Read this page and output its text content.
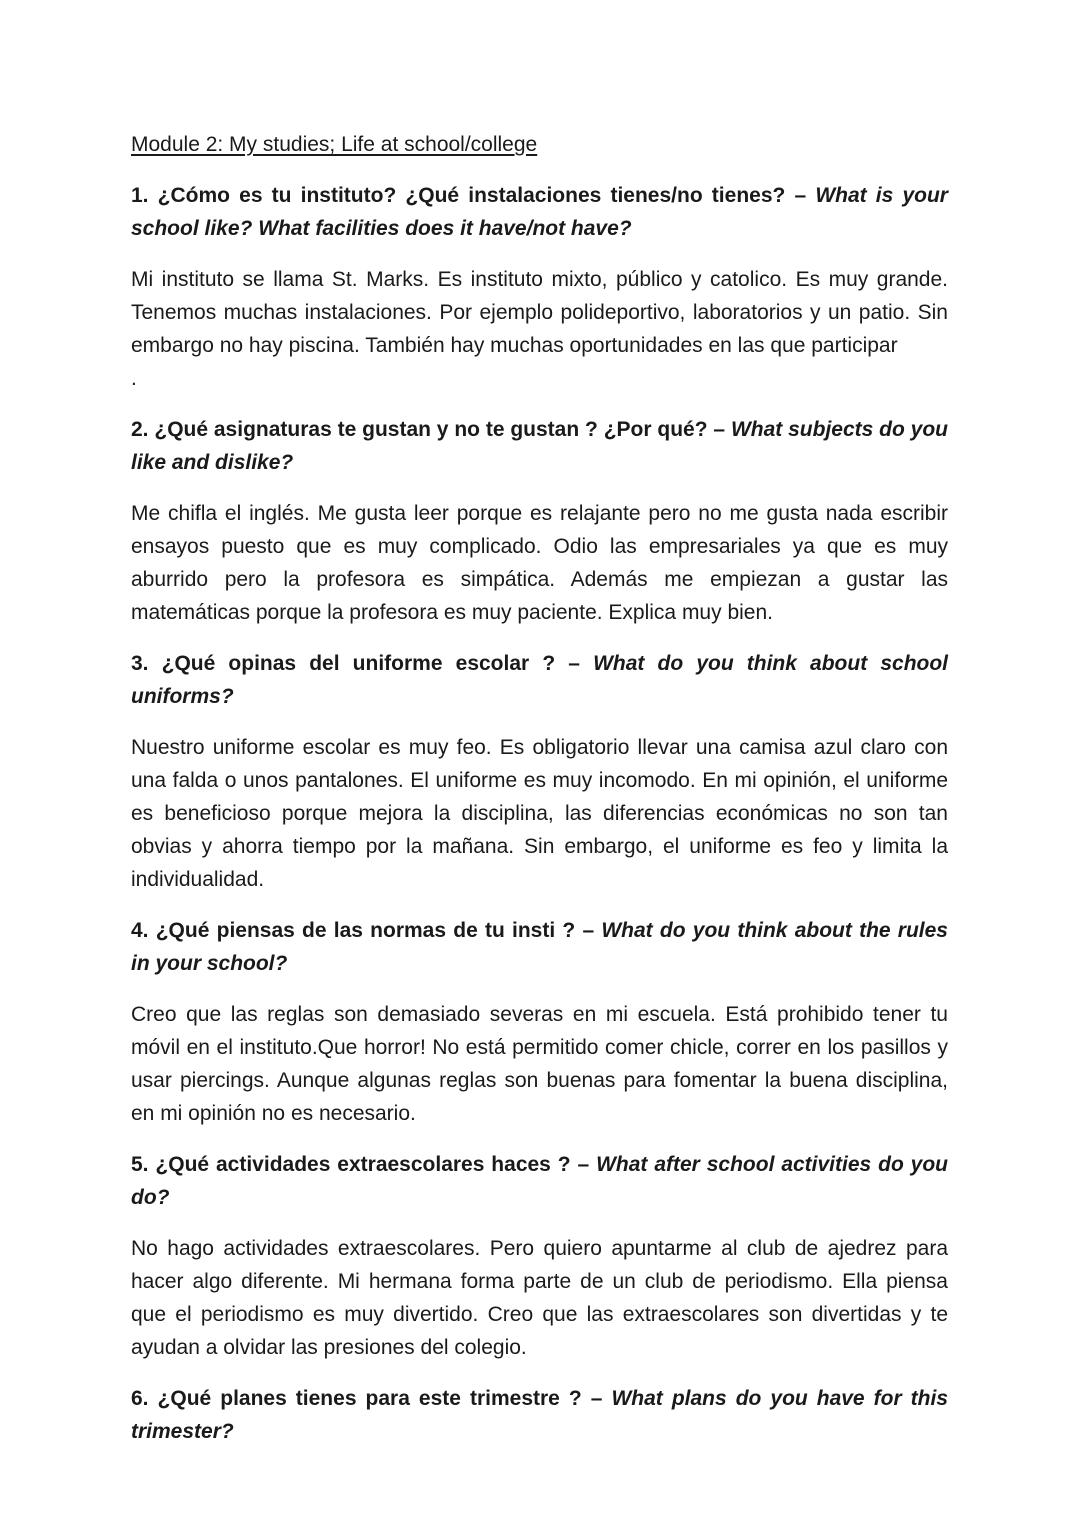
Module 2: My studies; Life at school/college
1. ¿Cómo es tu instituto? ¿Qué instalaciones tienes/no tienes? – What is your school like? What facilities does it have/not have?
Mi instituto se llama St. Marks. Es instituto mixto, público y catolico. Es muy grande. Tenemos muchas instalaciones. Por ejemplo polideportivo, laboratorios y un patio. Sin embargo no hay piscina. También hay muchas oportunidades en las que participar
.
2. ¿Qué asignaturas te gustan y no te gustan ? ¿Por qué? – What subjects do you like and dislike?
Me chifla el inglés. Me gusta leer porque es relajante pero no me gusta nada escribir ensayos puesto que es muy complicado. Odio las empresariales ya que es muy aburrido pero la profesora es simpática. Además me empiezan a gustar las matemáticas porque la profesora es muy paciente. Explica muy bien.
3. ¿Qué opinas del uniforme escolar ? – What do you think about school uniforms?
Nuestro uniforme escolar es muy feo. Es obligatorio llevar una camisa azul claro con una falda o unos pantalones. El uniforme es muy incomodo. En mi opinión, el uniforme es beneficioso porque mejora la disciplina, las diferencias económicas no son tan obvias y ahorra tiempo por la mañana. Sin embargo, el uniforme es feo y limita la individualidad.
4. ¿Qué piensas de las normas de tu insti ? – What do you think about the rules in your school?
Creo que las reglas son demasiado severas en mi escuela. Está prohibido tener tu móvil en el instituto.Que horror! No está permitido comer chicle, correr en los pasillos y usar piercings. Aunque algunas reglas son buenas para fomentar la buena disciplina, en mi opinión no es necesario.
5. ¿Qué actividades extraescolares haces ? – What after school activities do you do?
No hago actividades extraescolares. Pero quiero apuntarme al club de ajedrez para hacer algo diferente. Mi hermana forma parte de un club de periodismo. Ella piensa que el periodismo es muy divertido. Creo que las extraescolares son divertidas y te ayudan a olvidar las presiones del colegio.
6. ¿Qué planes tienes para este trimestre ? – What plans do you have for this trimester?
